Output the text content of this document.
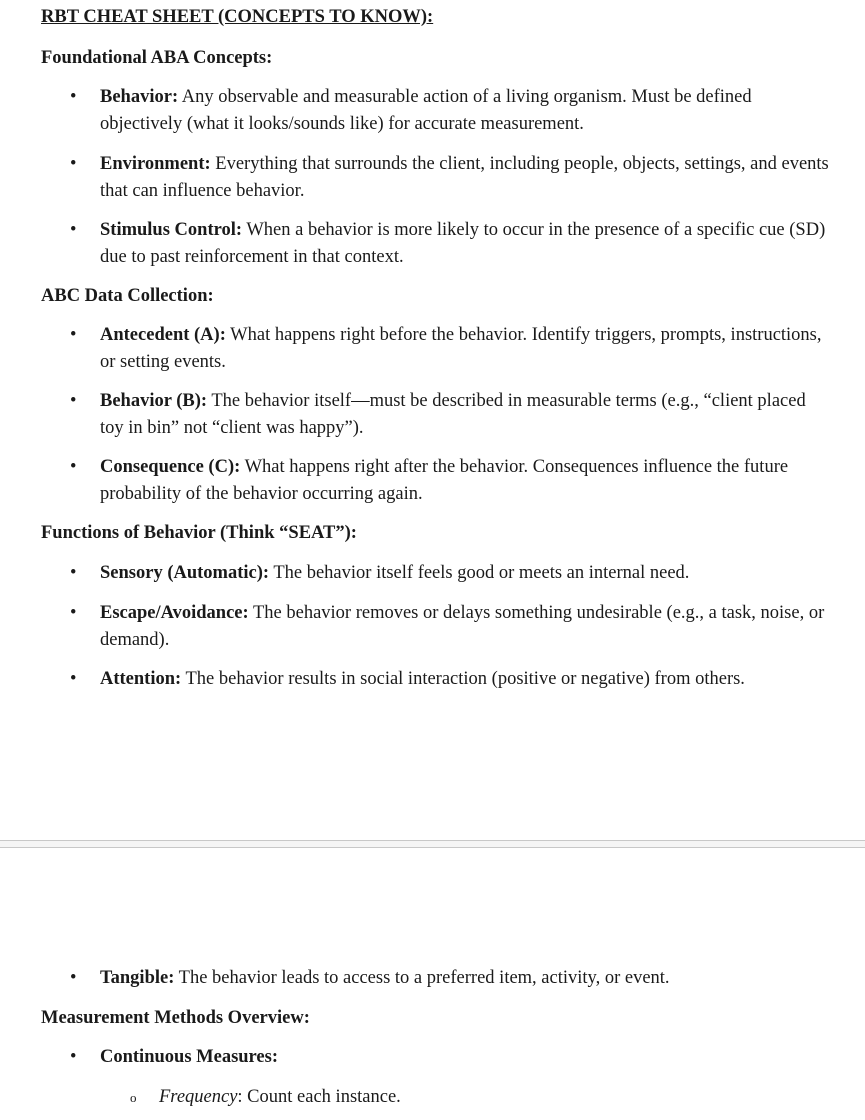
RBT CHEAT SHEET (CONCEPTS TO KNOW):
Foundational ABA Concepts:
• Behavior: Any observable and measurable action of a living organism. Must be defined objectively (what it looks/sounds like) for accurate measurement.
• Environment: Everything that surrounds the client, including people, objects, settings, and events that can influence behavior.
• Stimulus Control: When a behavior is more likely to occur in the presence of a specific cue (SD) due to past reinforcement in that context.
ABC Data Collection:
• Antecedent (A): What happens right before the behavior. Identify triggers, prompts, instructions, or setting events.
• Behavior (B): The behavior itself—must be described in measurable terms (e.g., “client placed toy in bin” not “client was happy”).
• Consequence (C): What happens right after the behavior. Consequences influence the future probability of the behavior occurring again.
Functions of Behavior (Think “SEAT”):
• Sensory (Automatic): The behavior itself feels good or meets an internal need.
• Escape/Avoidance: The behavior removes or delays something undesirable (e.g., a task, noise, or demand).
• Attention: The behavior results in social interaction (positive or negative) from others.
• Tangible: The behavior leads to access to a preferred item, activity, or event.
Measurement Methods Overview:
• Continuous Measures:
o Frequency: Count each instance.
